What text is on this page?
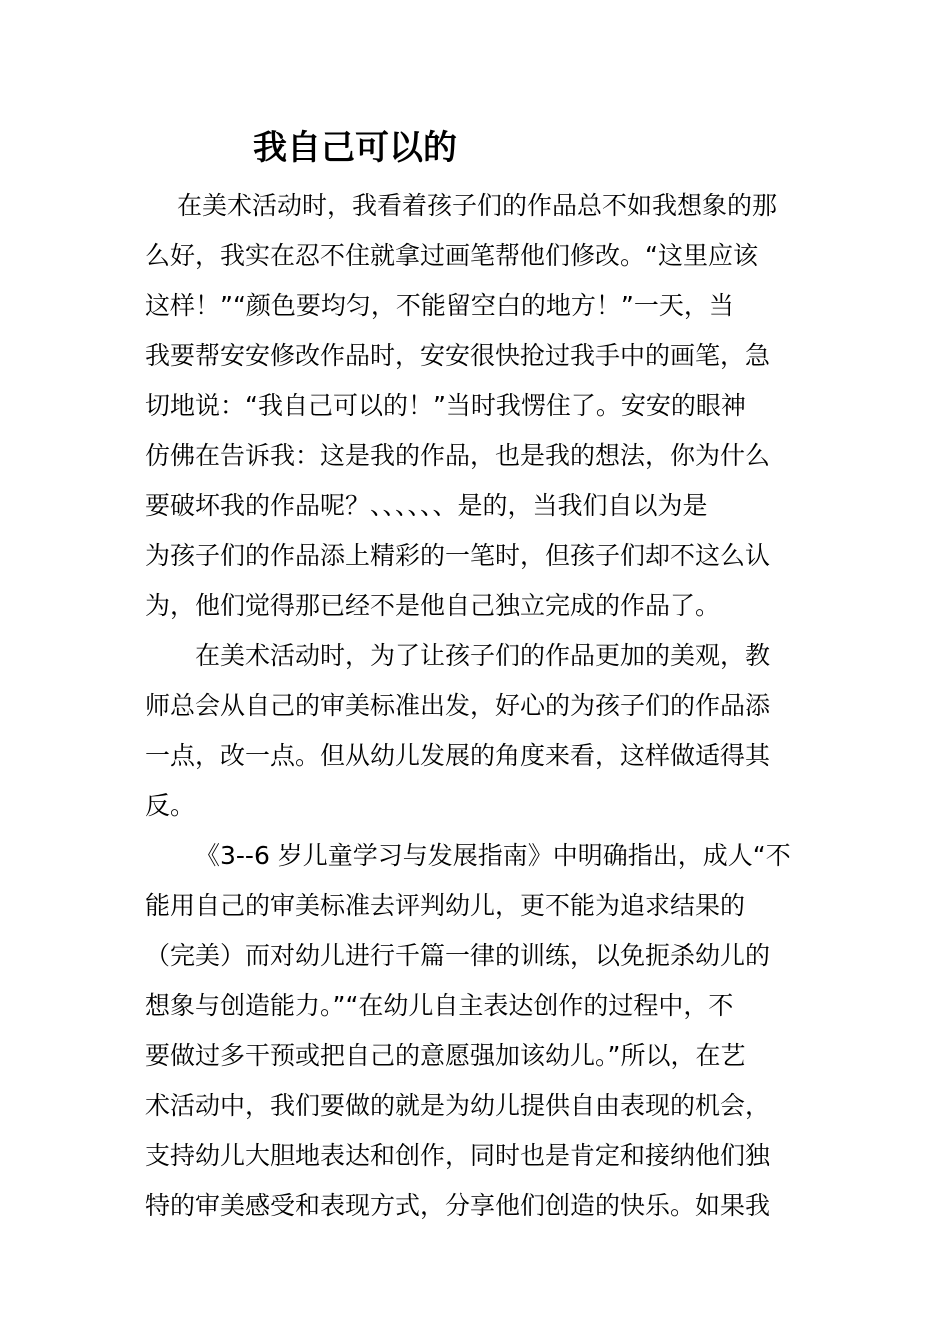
我自己可以的
在美术活动时，我看着孩子们的作品总不如我想象的那
么好，我实在忍不住就拿过画笔帮他们修改。“这里应该
这样！”“颜色要均匀，不能留空白的地方！”一天，当
我要帮安安修改作品时，安安很快抢过我手中的画笔，急
切地说：“我自己可以的！”当时我愣住了。安安的眼神
仿佛在告诉我：这是我的作品，也是我的想法，你为什么
要破坏我的作品呢？、、、、、、是的，当我们自以为是
为孩子们的作品添上精彩的一笔时，但孩子们却不这么认
为，他们觉得那已经不是他自己独立完成的作品了。
在美术活动时，为了让孩子们的作品更加的美观，教
师总会从自己的审美标准出发，好心的为孩子们的作品添
一点，改一点。但从幼儿发展的角度来看，这样做适得其
反。
《3--6 岁儿童学习与发展指南》中明确指出，成人“不
能用自己的审美标准去评判幼儿，更不能为追求结果的
（完美）而对幼儿进行千篇一律的训练，以免扼杀幼儿的
想象与创造能力。”“在幼儿自主表达创作的过程中，不
要做过多干预或把自己的意愿强加该幼儿。”所以，在艺
术活动中，我们要做的就是为幼儿提供自由表现的机会，
支持幼儿大胆地表达和创作，同时也是肯定和接纳他们独
特的审美感受和表现方式，分享他们创造的快乐。如果我
